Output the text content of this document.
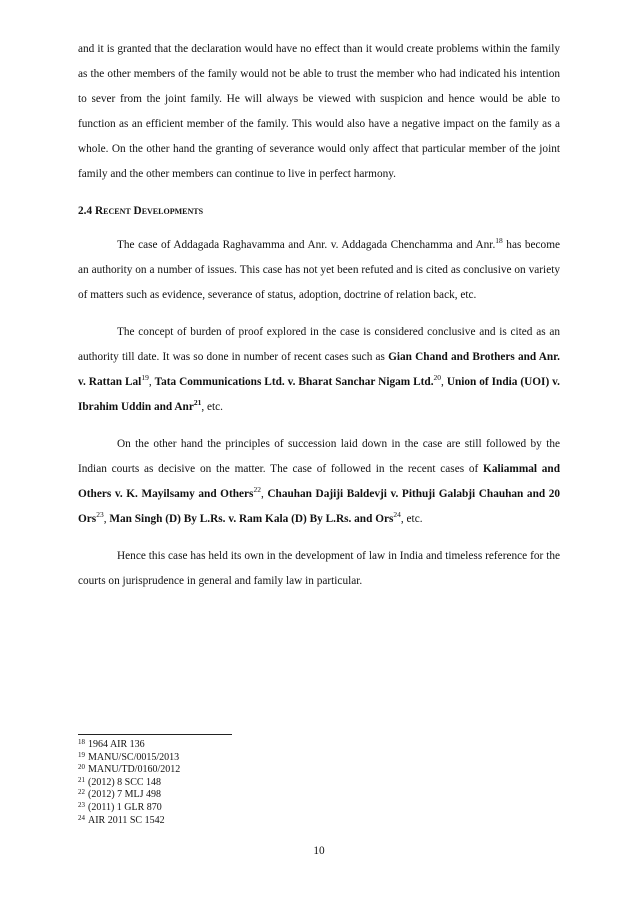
and it is granted that the declaration would have no effect than it would create problems within the family as the other members of the family would not be able to trust the member who had indicated his intention to sever from the joint family. He will always be viewed with suspicion and hence would be able to function as an efficient member of the family. This would also have a negative impact on the family as a whole. On the other hand the granting of severance would only affect that particular member of the joint family and the other members can continue to live in perfect harmony.

2.4 Recent Developments

The case of Addagada Raghavamma and Anr. v. Addagada Chenchamma and Anr.$^{18}$ has become an authority on a number of issues. This case has not yet been refuted and is cited as conclusive on variety of matters such as evidence, severance of status, adoption, doctrine of relation back, etc.

The concept of burden of proof explored in the case is considered conclusive and is cited as an authority till date. It was so done in number of recent cases such as Gian Chand and Brothers and Anr. v. Rattan Lal$^{19}$, Tata Communications Ltd. v. Bharat Sanchar Nigam Ltd.$^{20}$, Union of India (UOI) v. Ibrahim Uddin and Anr$^{21}$, etc.

On the other hand the principles of succession laid down in the case are still followed by the Indian courts as decisive on the matter. The case of followed in the recent cases of Kaliammal and Others v. K. Mayilsamy and Others$^{22}$, Chauhan Dajiji Baldevji v. Pithuji Galabji Chauhan and 20 Ors$^{23}$, Man Singh (D) By L.Rs. v. Ram Kala (D) By L.Rs. and Ors$^{24}$, etc.

Hence this case has held its own in the development of law in India and timeless reference for the courts on jurisprudence in general and family law in particular.

$^{18}$ 1964 AIR 136
$^{19}$ MANU/SC/0015/2013
$^{20}$ MANU/TD/0160/2012
$^{21}$ (2012) 8 SCC 148
$^{22}$ (2012) 7 MLJ 498
$^{23}$ (2011) 1 GLR 870
$^{24}$ AIR 2011 SC 1542
10
